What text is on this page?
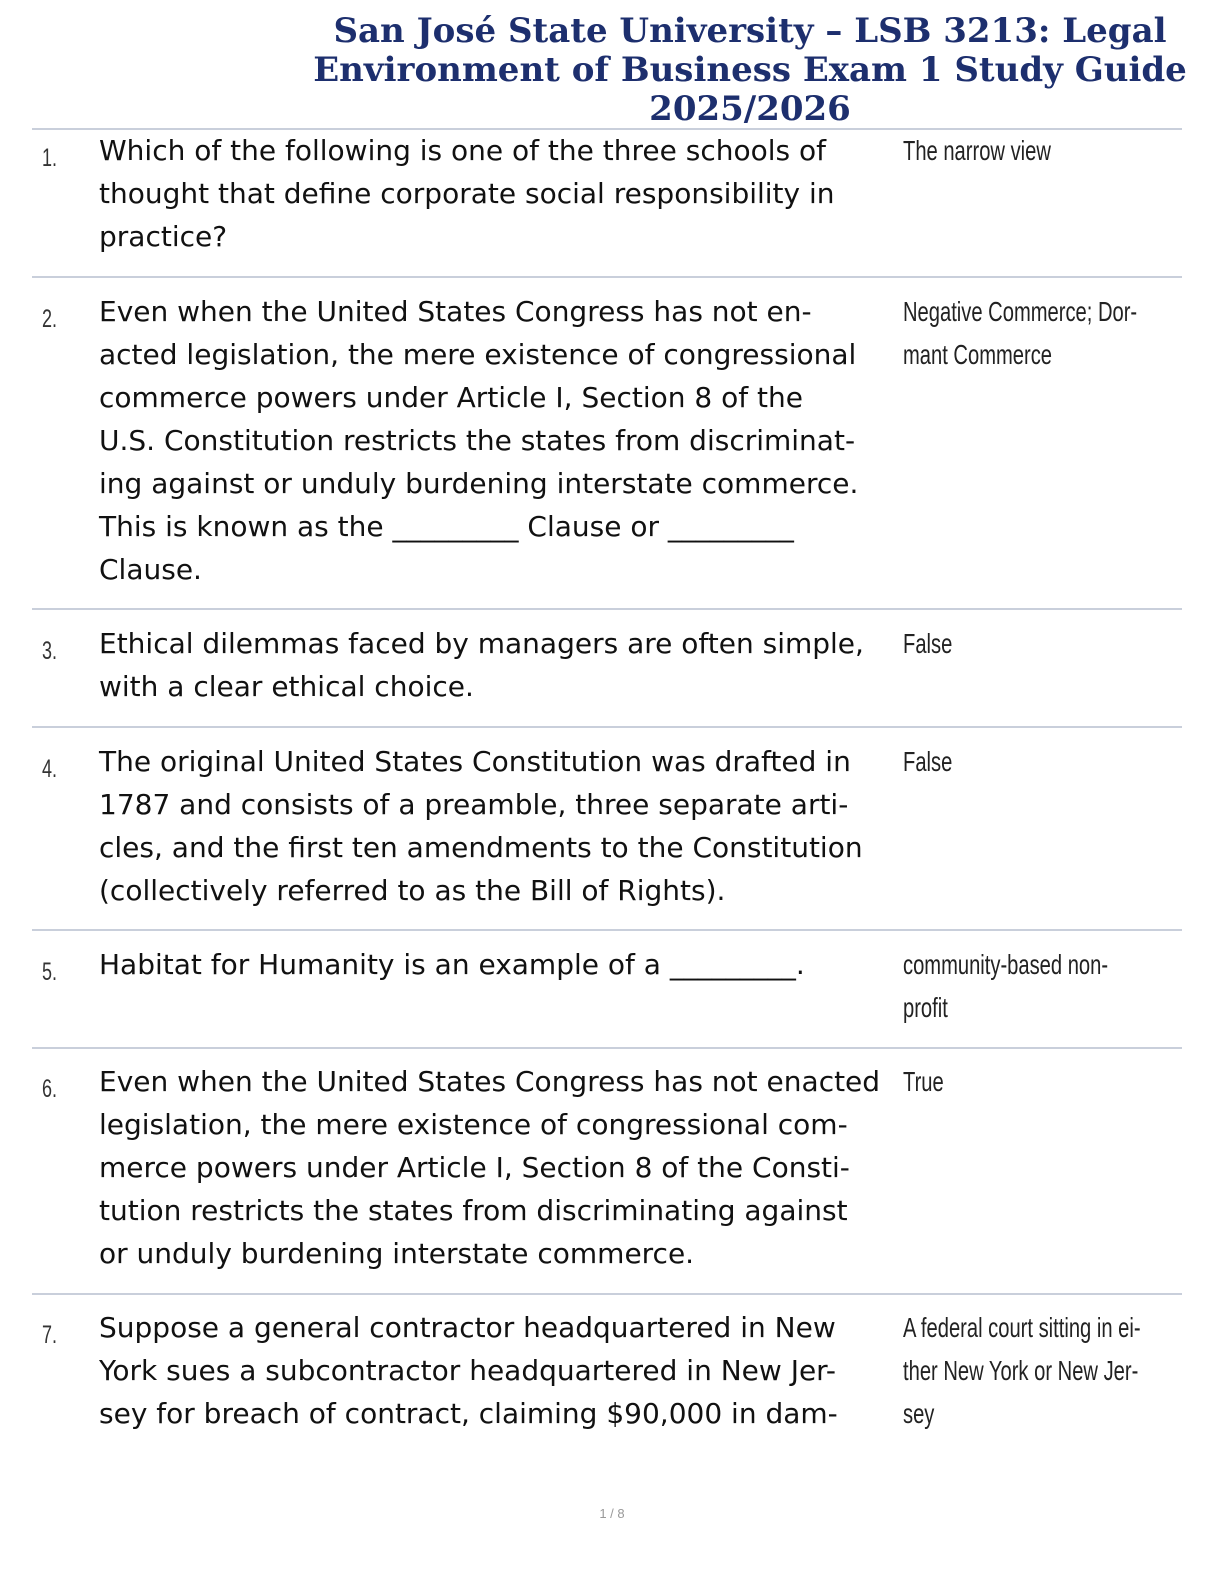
San José State University – LSB 3213: Legal
Environment of Business Exam 1 Study Guide
2025/2026
1. Which of the following is one of the three schools of
thought that define corporate social responsibility in
practice?
The narrow view
2. Even when the United States Congress has not en-
acted legislation, the mere existence of congressional
commerce powers under Article I, Section 8 of the
U.S. Constitution restricts the states from discriminat-
ing against or unduly burdening interstate commerce.
This is known as the _________ Clause or _________
Clause.
Negative Commerce; Dor-
mant Commerce
3. Ethical dilemmas faced by managers are often simple,
with a clear ethical choice.
False
4. The original United States Constitution was drafted in
1787 and consists of a preamble, three separate arti-
cles, and the first ten amendments to the Constitution
(collectively referred to as the Bill of Rights).
False
5. Habitat for Humanity is an example of a _________.	community-based non-
profit
6. Even when the United States Congress has not enacted
legislation, the mere existence of congressional com-
merce powers under Article I, Section 8 of the Consti-
tution restricts the states from discriminating against
or unduly burdening interstate commerce.
True
7. Suppose a general contractor headquartered in New
York sues a subcontractor headquartered in New Jer-
sey for breach of contract, claiming $90,000 in dam-
A federal court sitting in ei-
ther New York or New Jer-
sey
1 / 8
